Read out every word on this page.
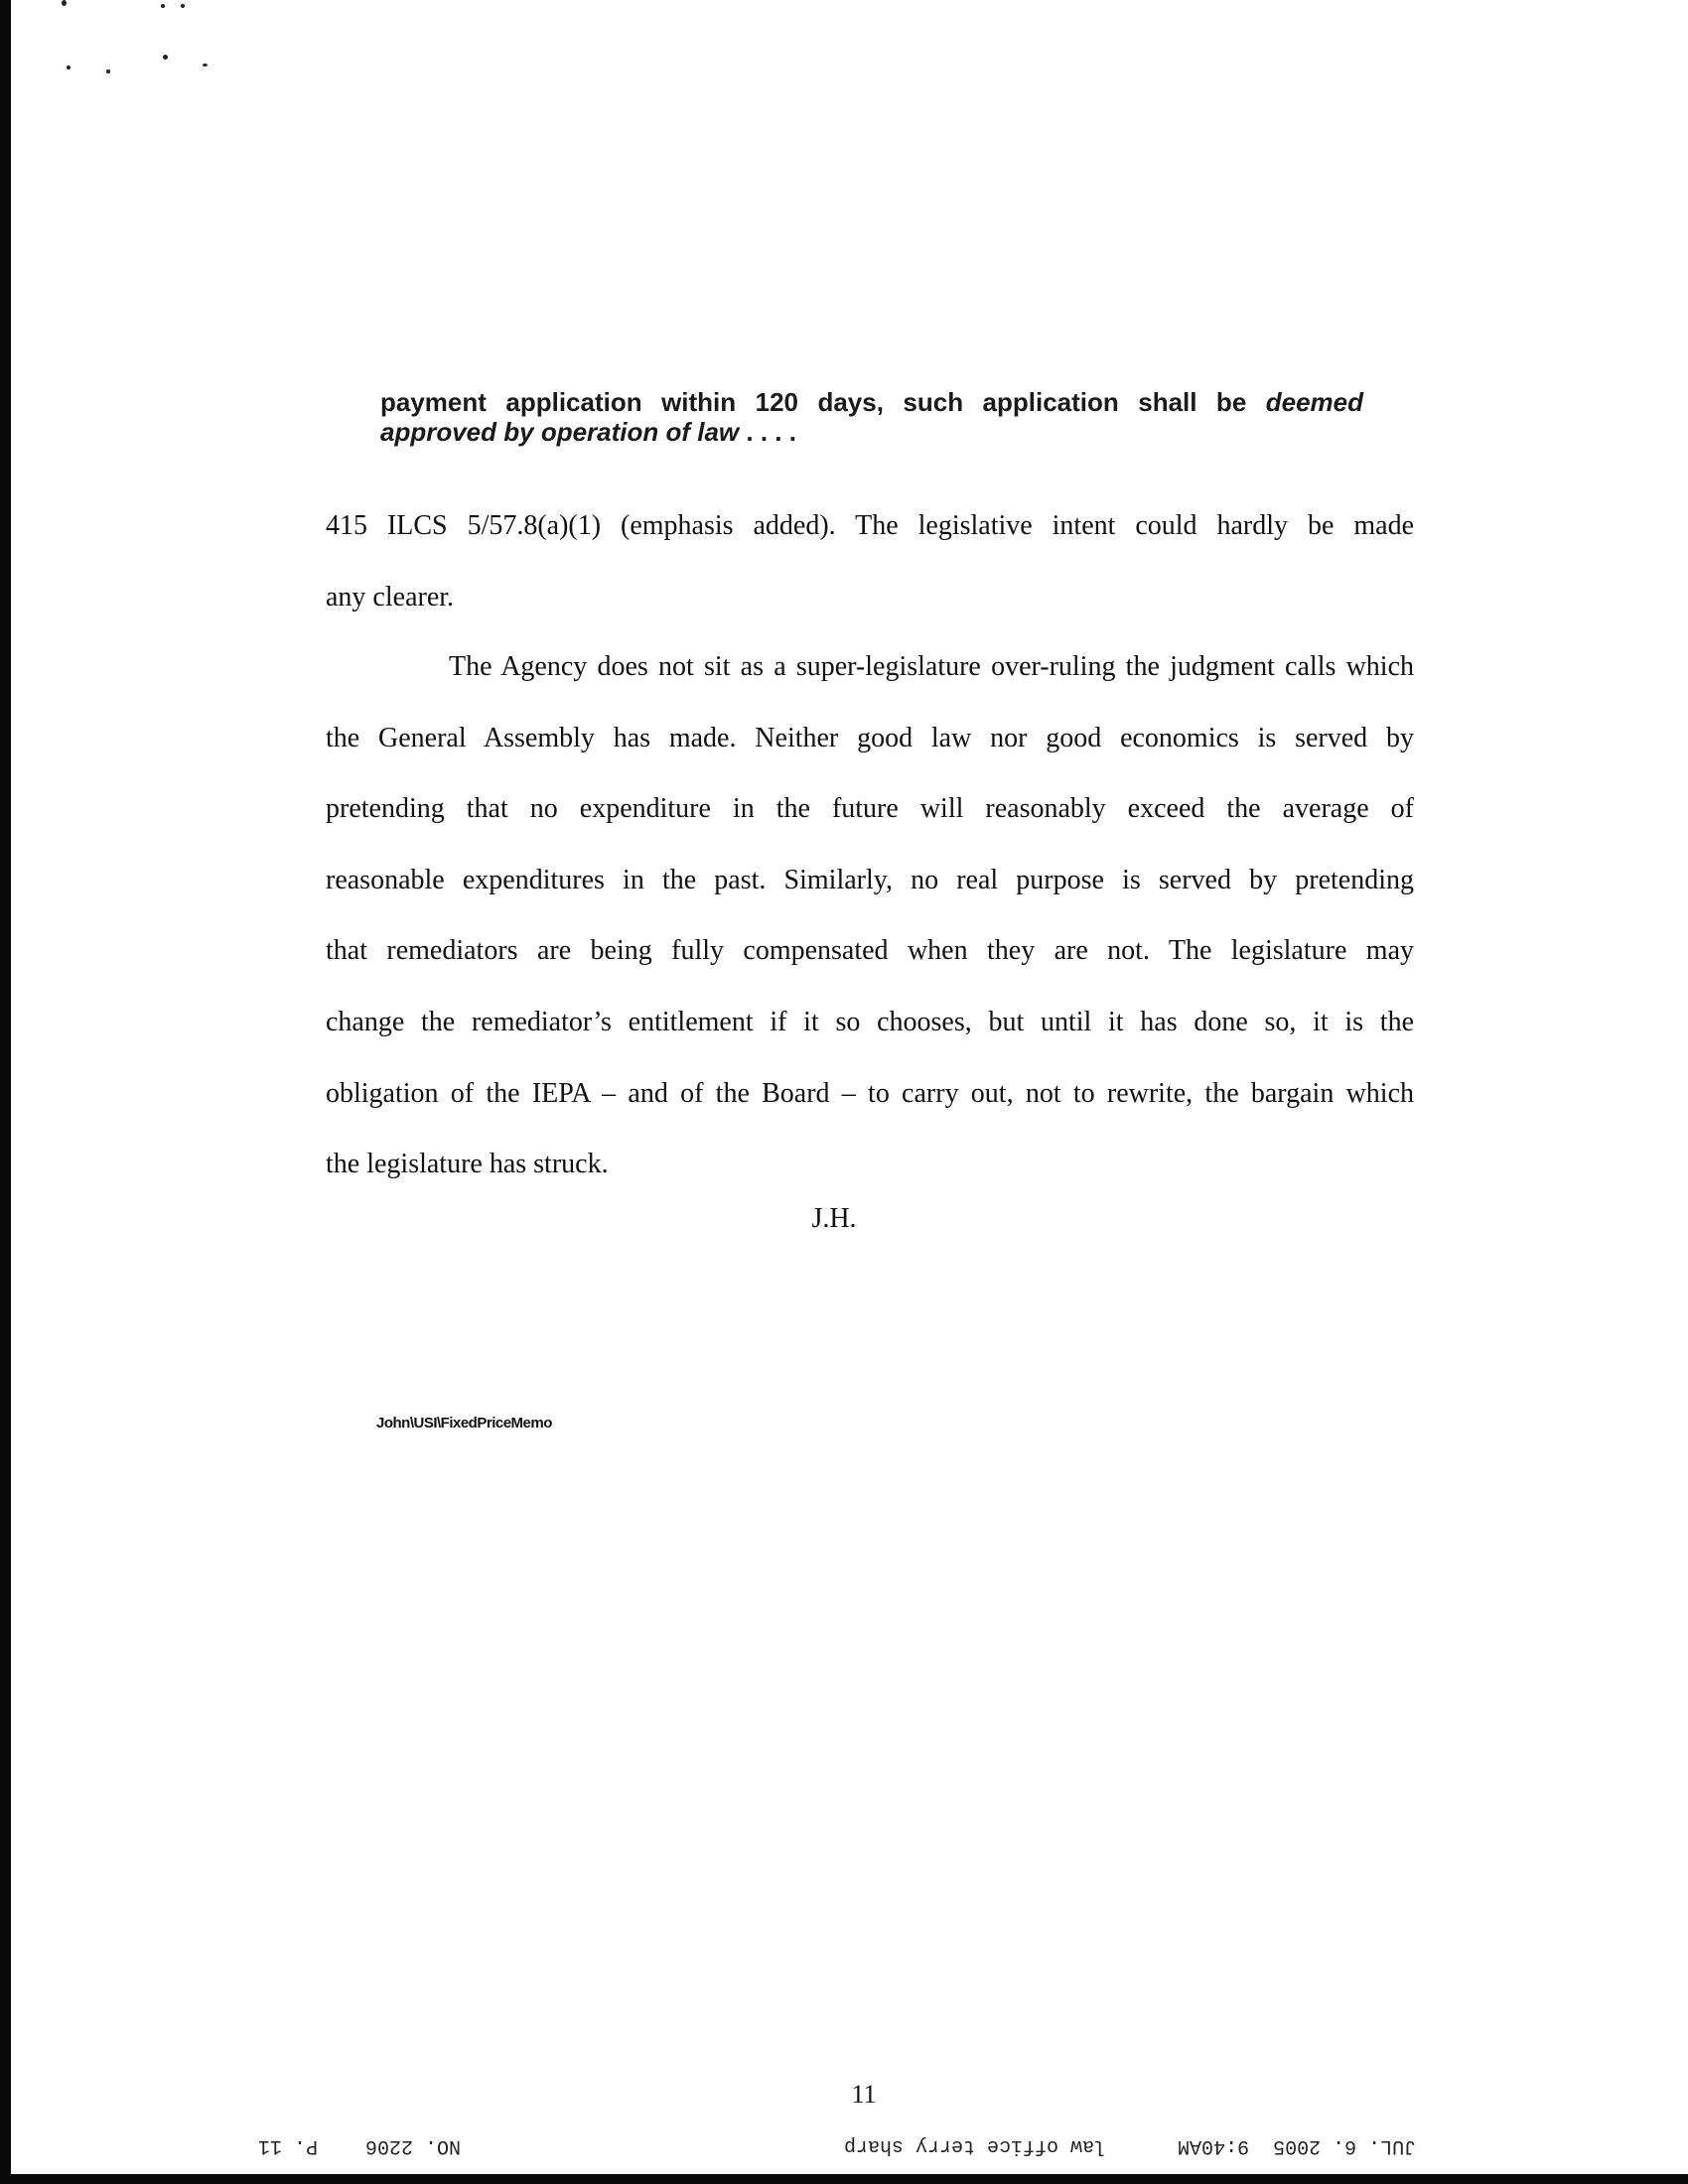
payment application within 120 days, such application shall be deemed approved by operation of law . . . .
415 ILCS 5/57.8(a)(1) (emphasis added). The legislative intent could hardly be made
any clearer.
The Agency does not sit as a super-legislature over-ruling the judgment calls which
the General Assembly has made. Neither good law nor good economics is served by
pretending that no expenditure in the future will reasonably exceed the average of
reasonable expenditures in the past. Similarly, no real purpose is served by pretending
that remediators are being fully compensated when they are not. The legislature may
change the remediator’s entitlement if it so chooses, but until it has done so, it is the
obligation of the IEPA – and of the Board – to carry out, not to rewrite, the bargain which
the legislature has struck.
J.H.
John\USI\FixedPriceMemo
11
NO. 2206    P. 11	JUL. 6. 2005  9:40AM      law office terry sharp
